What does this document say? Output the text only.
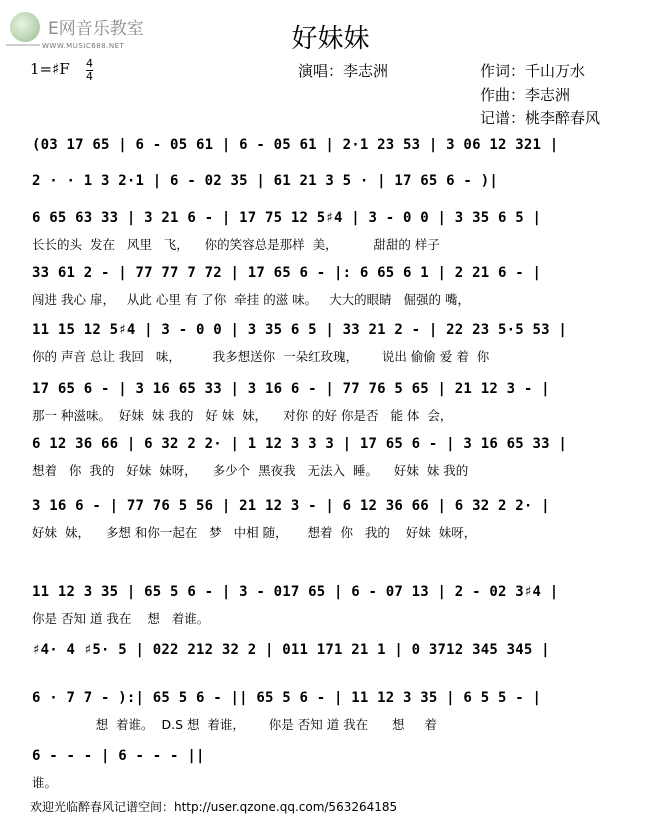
E网音乐教室
WWW.MUSIC688.NET	好妹妹
1=♯F 4
4	演唱：李志洲	作词：千山万水
作曲：李志洲
记谱：桃李醉春风
(03 17 65 | 6 - 05 61 | 6 - 05 61 | 2·1 23 53 | 3 06 12 321 |
2 · · 1 3 2·1 | 6 - 02 35 | 61 21 3 5 · | 17 65 6 - )|
6 65 63 33 | 3 21 6 - | 17 75 12 5♯4 | 3 - 0 0 | 3 35 6 5 |
长长的头  发在   风里   飞，    你的笑容总是那样  美，         甜甜的 样子
33 61 2 - | 77 77 7 72 | 17 65 6 - |: 6 65 6 1 | 2 21 6 - |
闯进 我心 扉，   从此 心里 有 了你  牵挂 的滋 味。   大大的眼睛   倔强的 嘴，
11 15 12 5♯4 | 3 - 0 0 | 3 35 6 5 | 33 21 2 - | 22 23 5·5 53 |
你的 声音 总让 我回   味，        我多想送你  一朵红玫瑰，      说出 偷偷 爱 着  你
17 65 6 - | 3 16 65 33 | 3 16 6 - | 77 76 5 65 | 21 12 3 - |
那一 种滋味。  好妹  妹 我的   好 妹  妹，    对你 的好 你是否   能 体  会，
6 12 36 66 | 6 32 2 2· | 1 12 3 3 3 | 17 65 6 - | 3 16 65 33 |
想着   你  我的   好妹  妹呀，    多少个  黑夜我   无法入  睡。    好妹  妹 我的
3 16 6 - | 77 76 5 56 | 21 12 3 - | 6 12 36 66 | 6 32 2 2· |
好妹  妹，    多想 和你一起在   梦   中相 随，     想着  你   我的    好妹  妹呀，
11 12 3 35 | 65 5 6 - | 3 - 017 65 | 6 - 07 13 | 2 - 02 3♯4 |
你是 否知 道 我在    想   着谁。
♯4· 4 ♯5· 5 | 022 212 32 2 | 011 171 21 1 | 0 3712 345 345 |
6 · 7 7 - ):| 65 5 6 - || 65 5 6 - | 11 12 3 35 | 6 5 5 - |
想  着谁。  D.S 想  着谁，      你是 否知 道 我在      想     着
6 - - - | 6 - - - ||
谁。
欢迎光临醉春风记谱空间：http://user.qzone.qq.com/563264185
